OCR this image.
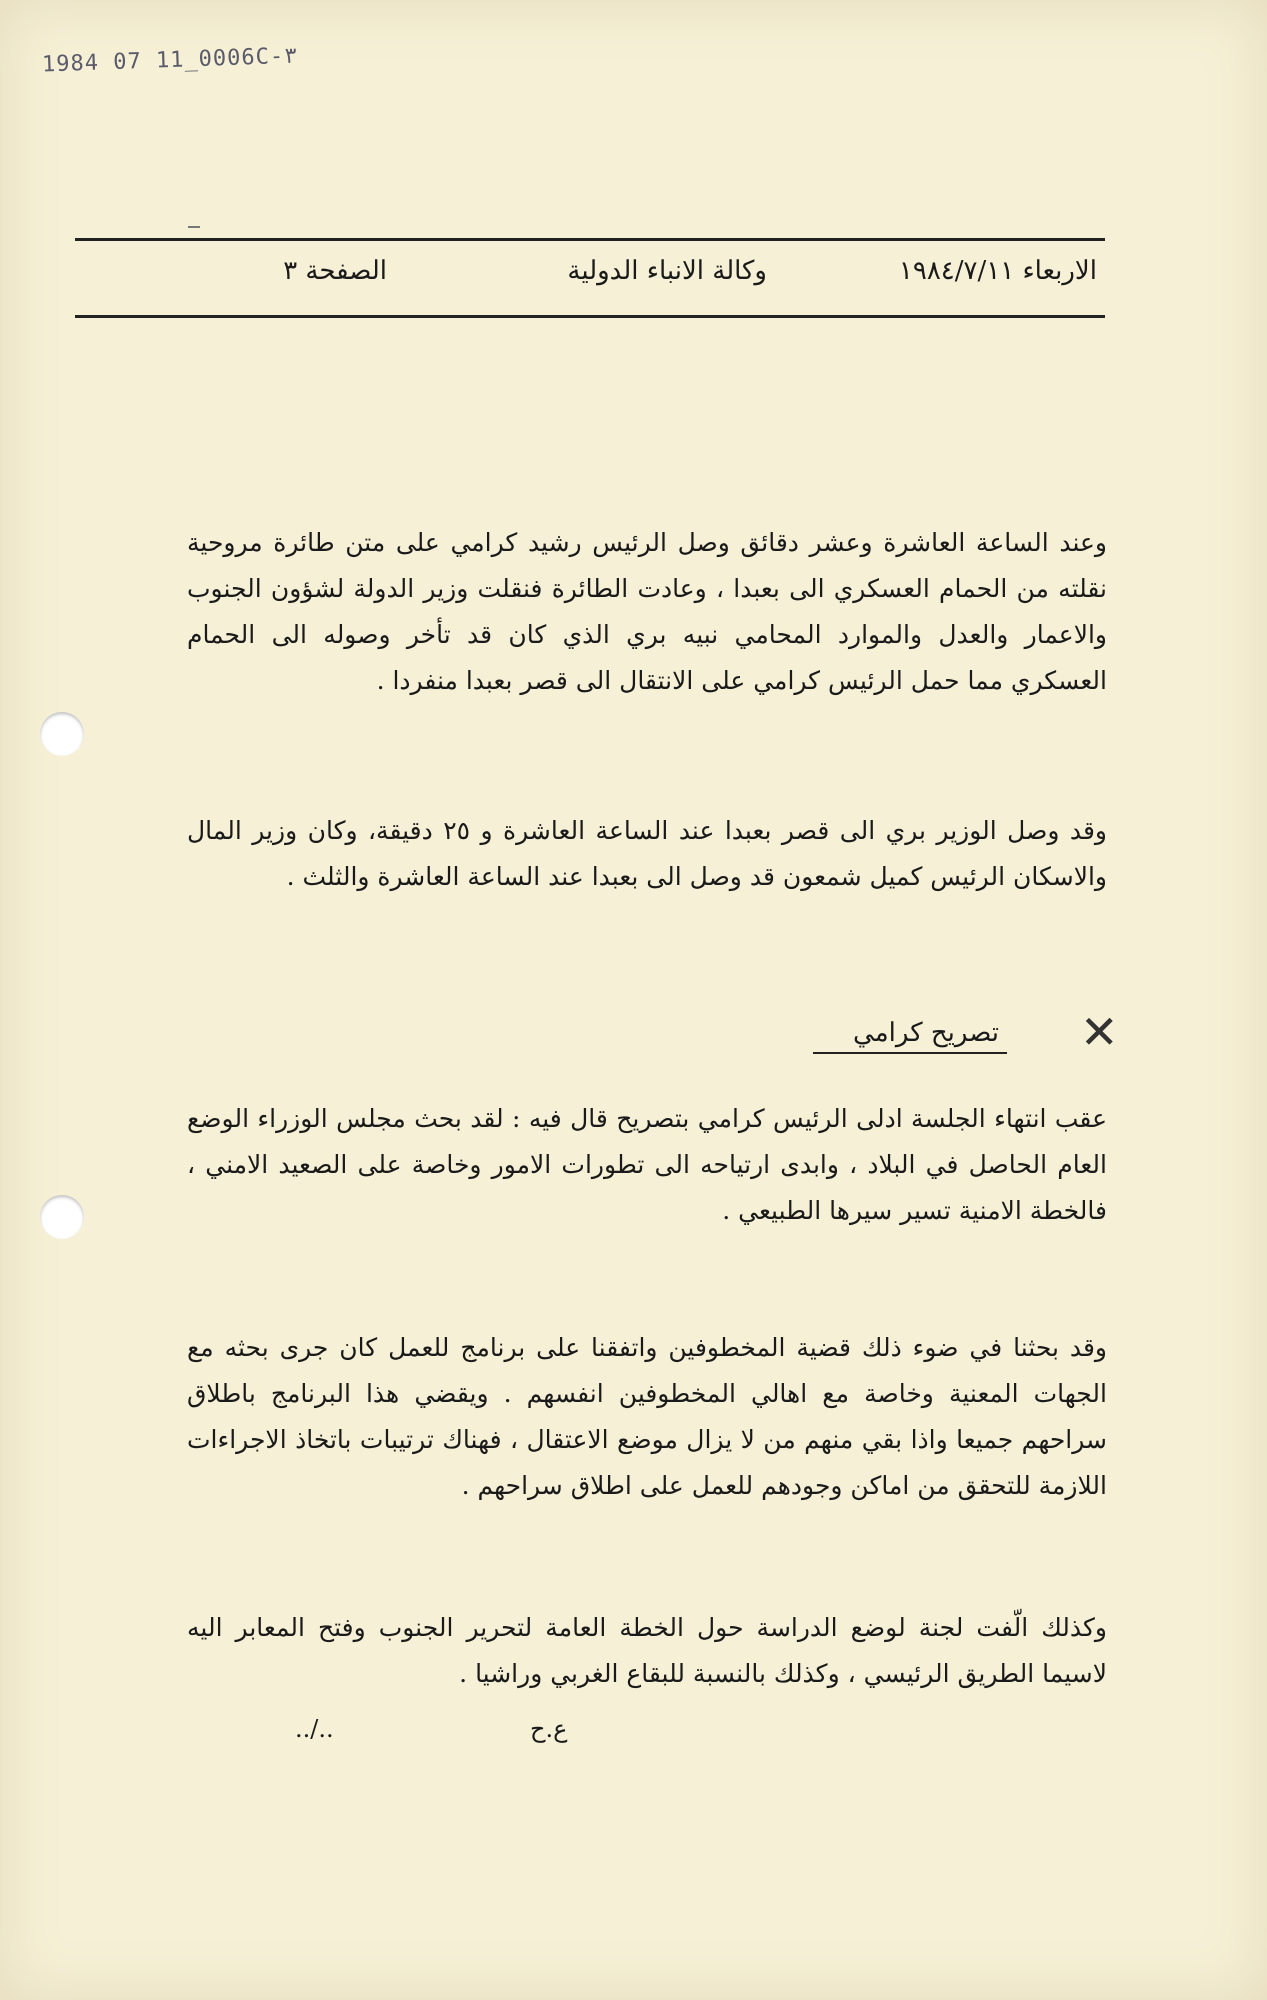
1984 07 11_0006C-٣
الاربعاء ١٩٨٤/٧/١١
وكالة الانباء الدولية
الصفحة ٣

وعند الساعة العاشرة وعشر دقائق وصل الرئيس رشيد كرامي على متن طائرة مروحية نقلته من الحمام العسكري الى بعبدا ، وعادت الطائرة فنقلت وزير الدولة لشؤون الجنوب والاعمار والعدل والموارد المحامي نبيه بري الذي كان قد تأخر وصوله الى الحمام العسكري مما حمل الرئيس كرامي على الانتقال الى قصر بعبدا منفردا .

وقد وصل الوزير بري الى قصر بعبدا عند الساعة العاشرة و ٢٥ دقيقة، وكان وزير المال والاسكان الرئيس كميل شمعون قد وصل الى بعبدا عند الساعة العاشرة والثلث .

تصريح كرامي ✕

عقب انتهاء الجلسة ادلى الرئيس كرامي بتصريح قال فيه : لقد بحث مجلس الوزراء الوضع العام الحاصل في البلاد ، وابدى ارتياحه الى تطورات الامور وخاصة على الصعيد الامني ، فالخطة الامنية تسير سيرها الطبيعي .

وقد بحثنا في ضوء ذلك قضية المخطوفين واتفقنا على برنامج للعمل كان جرى بحثه مع الجهات المعنية وخاصة مع اهالي المخطوفين انفسهم . ويقضي هذا البرنامج باطلاق سراحهم جميعا واذا بقي منهم من لا يزال موضع الاعتقال ، فهناك ترتيبات باتخاذ الاجراءات اللازمة للتحقق من اماكن وجودهم للعمل على اطلاق سراحهم .

وكذلك الّفت لجنة لوضع الدراسة حول الخطة العامة لتحرير الجنوب وفتح المعابر اليه لاسيما الطريق الرئيسي ، وكذلك بالنسبة للبقاع الغربي وراشيا .

ع.ح
../..
